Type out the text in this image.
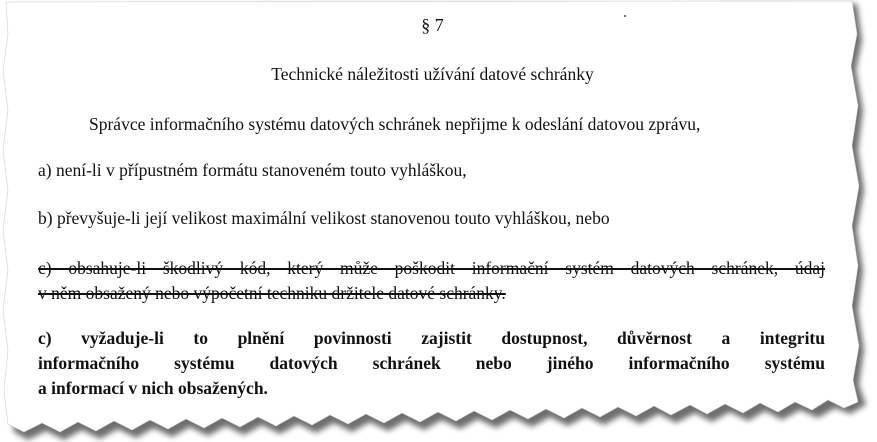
§ 7
Technické náležitosti užívání datové schránky
Správce informačního systému datových schránek nepřijme k odeslání datovou zprávu,
a) není-li v přípustném formátu stanoveném touto vyhláškou,
b) převyšuje-li její velikost maximální velikost stanovenou touto vyhláškou, nebo
c) obsahuje-li škodlivý kód, který může poškodit informační systém datových schránek, údaj
v něm obsažený nebo výpočetní techniku držitele datové schránky.
c) vyžaduje-li to plnění povinnosti zajistit dostupnost, důvěrnost a integritu
informačního systému datových schránek nebo jiného informačního systému
a informací v nich obsažených.
